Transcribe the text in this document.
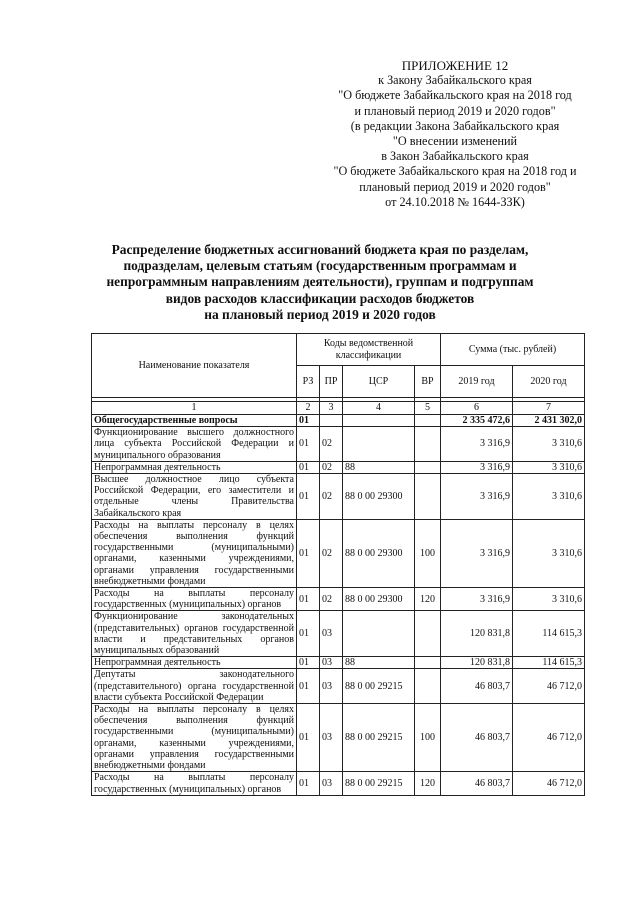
ПРИЛОЖЕНИЕ 12
к Закону Забайкальского края
"О бюджете Забайкальского края на 2018 год
и плановый период 2019 и 2020 годов"
(в редакции Закона Забайкальского края
"О внесении изменений
в Закон Забайкальского края
"О бюджете Забайкальского края на 2018 год и
плановый период 2019 и 2020 годов"
от 24.10.2018 № 1644-ЗЗК)
Распределение бюджетных ассигнований бюджета края по разделам,
подразделам, целевым статьям (государственным программам и
непрограммным направлениям деятельности), группам и подгруппам
видов расходов классификации расходов бюджетов
на плановый период 2019 и 2020 годов
Наименование показателя	Коды ведомственной классификации				Сумма (тыс. рублей)	
	РЗ	ПР	ЦСР	ВР	2019 год	2020 год

1	2	3	4	5	6	7
Общегосударственные вопросы	01				2 335 472,6	2 431 302,0
Функционирование высшего должностного лица субъекта Российской Федерации и муниципального образования	01	02			3 316,9	3 310,6
Непрограммная деятельность	01	02	88		3 316,9	3 310,6
Высшее должностное лицо субъекта Российской Федерации, его заместители и отдельные члены Правительства Забайкальского края	01	02	88 0 00 29300		3 316,9	3 310,6
Расходы на выплаты персоналу в целях обеспечения выполнения функций государственными (муниципальными) органами, казенными учреждениями, органами управления государственными внебюджетными фондами	01	02	88 0 00 29300	100	3 316,9	3 310,6
Расходы на выплаты персоналу государственных (муниципальных) органов	01	02	88 0 00 29300	120	3 316,9	3 310,6
Функционирование законодательных (представительных) органов государственной власти и представительных органов муниципальных образований	01	03			120 831,8	114 615,3
Непрограммная деятельность	01	03	88		120 831,8	114 615,3
Депутаты законодательного (представительного) органа государственной власти субъекта Российской Федерации	01	03	88 0 00 29215		46 803,7	46 712,0
Расходы на выплаты персоналу в целях обеспечения выполнения функций государственными (муниципальными) органами, казенными учреждениями, органами управления государственными внебюджетными фондами	01	03	88 0 00 29215	100	46 803,7	46 712,0
Расходы на выплаты персоналу государственных (муниципальных) органов	01	03	88 0 00 29215	120	46 803,7	46 712,0
